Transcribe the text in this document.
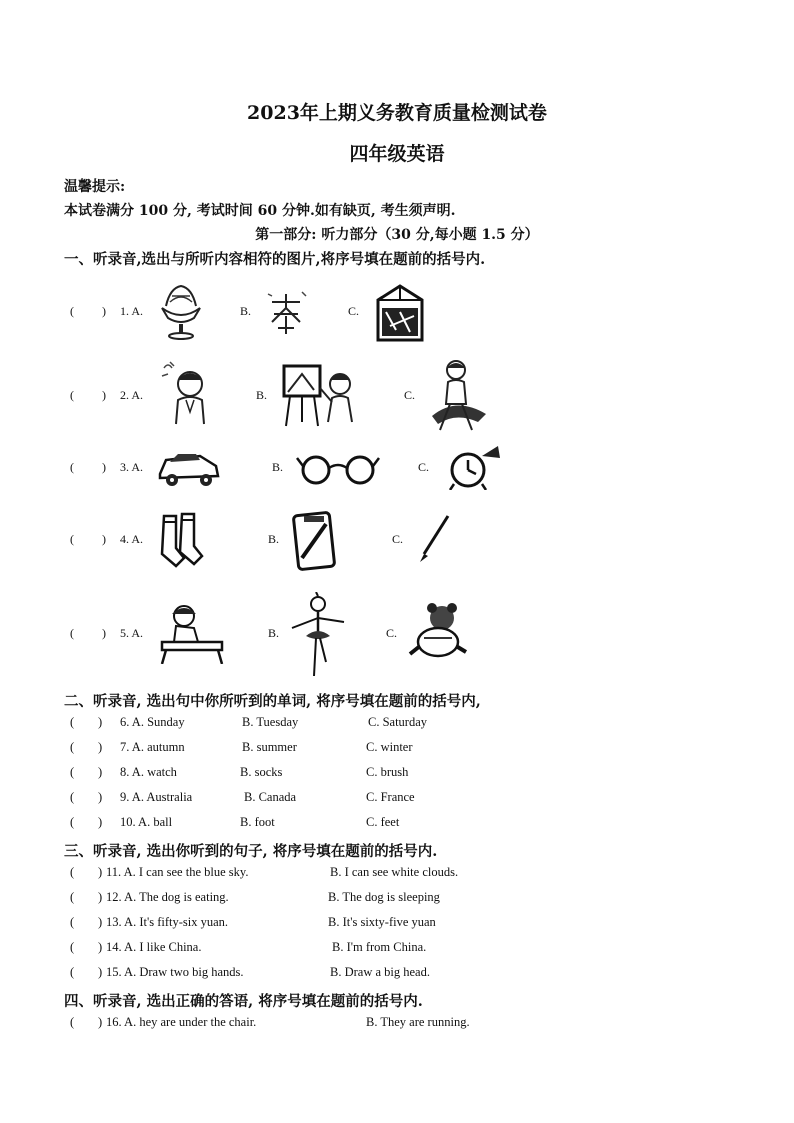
2023年上期义务教育质量检测试卷
四年级英语
温馨提示:
本试卷满分 100 分, 考试时间 60 分钟.如有缺页, 考生须声明.
第一部分: 听力部分（30 分,每小题 1.5 分）
一、听录音,选出与所听内容相符的图片,将序号填在题前的括号内.
( ) 1. A.	B.	C.
( ) 2. A.	B.	C.
( ) 3. A.	B.	C.
( ) 4. A.	B.	C.
( ) 5. A.	B.	C.
二、听录音, 选出句中你所听到的单词, 将序号填在题前的括号内,
( ) 6. A. Sunday	B. Tuesday	C. Saturday
( ) 7. A. autumn	B. summer	C. winter
( ) 8. A. watch	B. socks	C. brush
( ) 9. A. Australia	B. Canada	C. France
( ) 10. A. ball	B. foot	C. feet
三、听录音, 选出你听到的句子, 将序号填在题前的括号内.
( ) 11. A. I can see the blue sky.	B. I can see white clouds.
( ) 12. A. The dog is eating.	B. The dog is sleeping
( ) 13. A. It's fifty-six yuan.	B. It's sixty-five yuan
( ) 14. A. I like China.	B. I'm from China.
( ) 15. A. Draw two big hands.	B. Draw a big head.
四、听录音, 选出正确的答语, 将序号填在题前的括号内.
( ) 16. A. hey are under the chair.	B. They are running.
